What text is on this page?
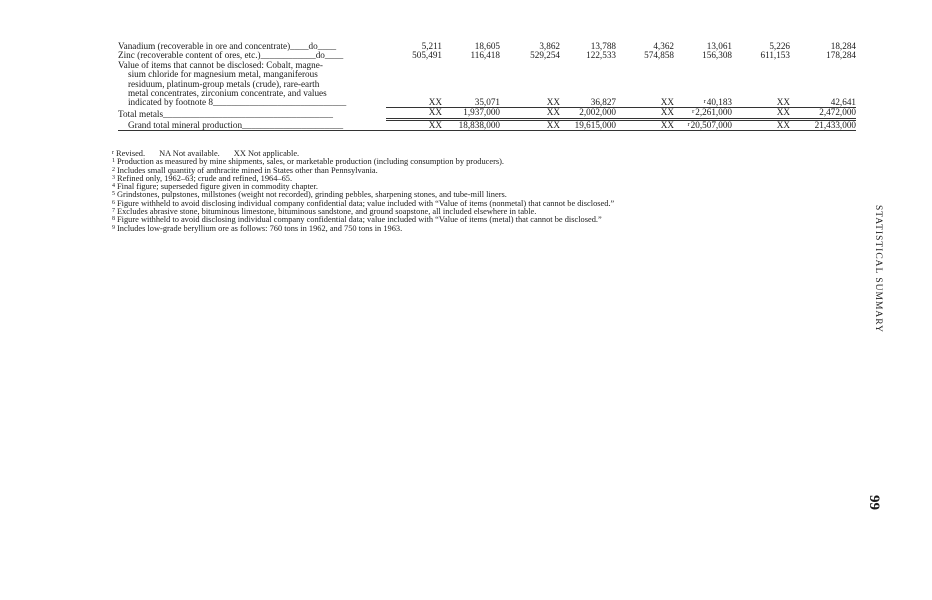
Vanadium (recoverable in ore and concentrate)____do____	5,211	18,605	3,862	13,788	4,362	13,061	5,226	18,284
Zinc (recoverable content of ores, etc.)____________do____	505,491	116,418	529,254	122,533	574,858	156,308	611,153	178,284

Value of items that cannot be disclosed: Cobalt, magne-
sium chloride for magnesium metal, manganiferous
residuum, platinum-group metals (crude), rare-earth
metal concentrates, zirconium concentrate, and values
indicated by footnote 8_____________________________	XX	35,071	XX	36,827	XX	$^r$40,183	XX	42,641
Total metals_____________________________________	XX	1,937,000	XX	2,002,000	XX	$^r$2,261,000	XX	2,472,000
Grand total mineral production______________________	XX	18,838,000	XX	19,615,000	XX	$^r$20,507,000	XX	21,433,000
$^r$ Revised. NA Not available. XX Not applicable.
$^1$ Production as measured by mine shipments, sales, or marketable production (including consumption by producers).
$^2$ Includes small quantity of anthracite mined in States other than Pennsylvania.
$^3$ Refined only, 1962–63; crude and refined, 1964–65.
$^4$ Final figure; superseded figure given in commodity chapter.
$^5$ Grindstones, pulpstones, millstones (weight not recorded), grinding pebbles, sharpening stones, and tube-mill liners.
$^6$ Figure withheld to avoid disclosing individual company confidential data; value included with “Value of items (nonmetal) that cannot be disclosed.”
$^7$ Excludes abrasive stone, bituminous limestone, bituminous sandstone, and ground soapstone, all included elsewhere in table.
$^8$ Figure withheld to avoid disclosing individual company confidential data; value included with “Value of items (metal) that cannot be disclosed.”
$^9$ Includes low-grade beryllium ore as follows: 760 tons in 1962, and 750 tons in 1963.	STATISTICAL SUMMARY
99
